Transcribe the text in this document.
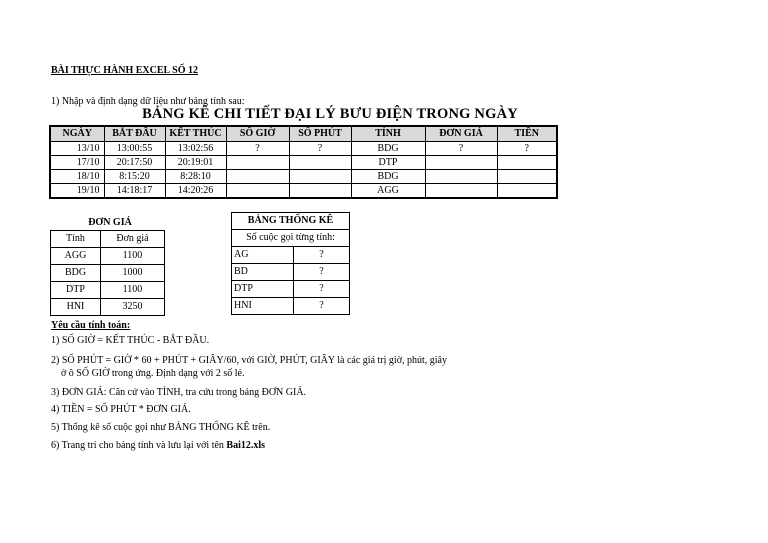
BÀI THỰC HÀNH EXCEL SỐ 12
1) Nhập và định dạng dữ liệu như bảng tính sau:
BẢNG KÊ CHI TIẾT ĐẠI LÝ BƯU ĐIỆN TRONG NGÀY
NGÀY	BẮT ĐẦU	KẾT THÚC	SỐ GIỜ	SỐ PHÚT	TỈNH	ĐƠN GIÁ	TIỀN
13/10	13:00:55	13:02:56	?	?	BDG	?	?
17/10	20:17:50	20:19:01			DTP		
18/10	8:15:20	8:28:10			BDG		
19/10	14:18:17	14:20:26			AGG		
ĐƠN GIÁ
Tỉnh	Đơn giá
AGG	1100
BDG	1000
DTP	1100
HNI	3250
BẢNG THỐNG KÊ	
Số cuộc gọi từng tỉnh:	
AG	?
BD	?
DTP	?
HNI	?
Yêu cầu tính toán:
1) SỐ GIỜ = KẾT THÚC - BẮT ĐẦU.
2) SỐ PHÚT = GIỜ * 60 + PHÚT + GIÂY/60, với GIỜ, PHÚT, GIÂY là các giá trị giờ, phút, giây
ở ô SỐ GIỜ trong ứng. Định dạng với 2 số lẻ.
3) ĐƠN GIÁ: Căn cứ vào TỈNH, tra cứu trong bảng ĐƠN GIÁ.
4) TIỀN = SỐ PHÚT * ĐƠN GIÁ.
5) Thống kê số cuộc gọi như BẢNG THỐNG KÊ trên.
6) Trang trí cho bảng tính và lưu lại với tên Bai12.xls
